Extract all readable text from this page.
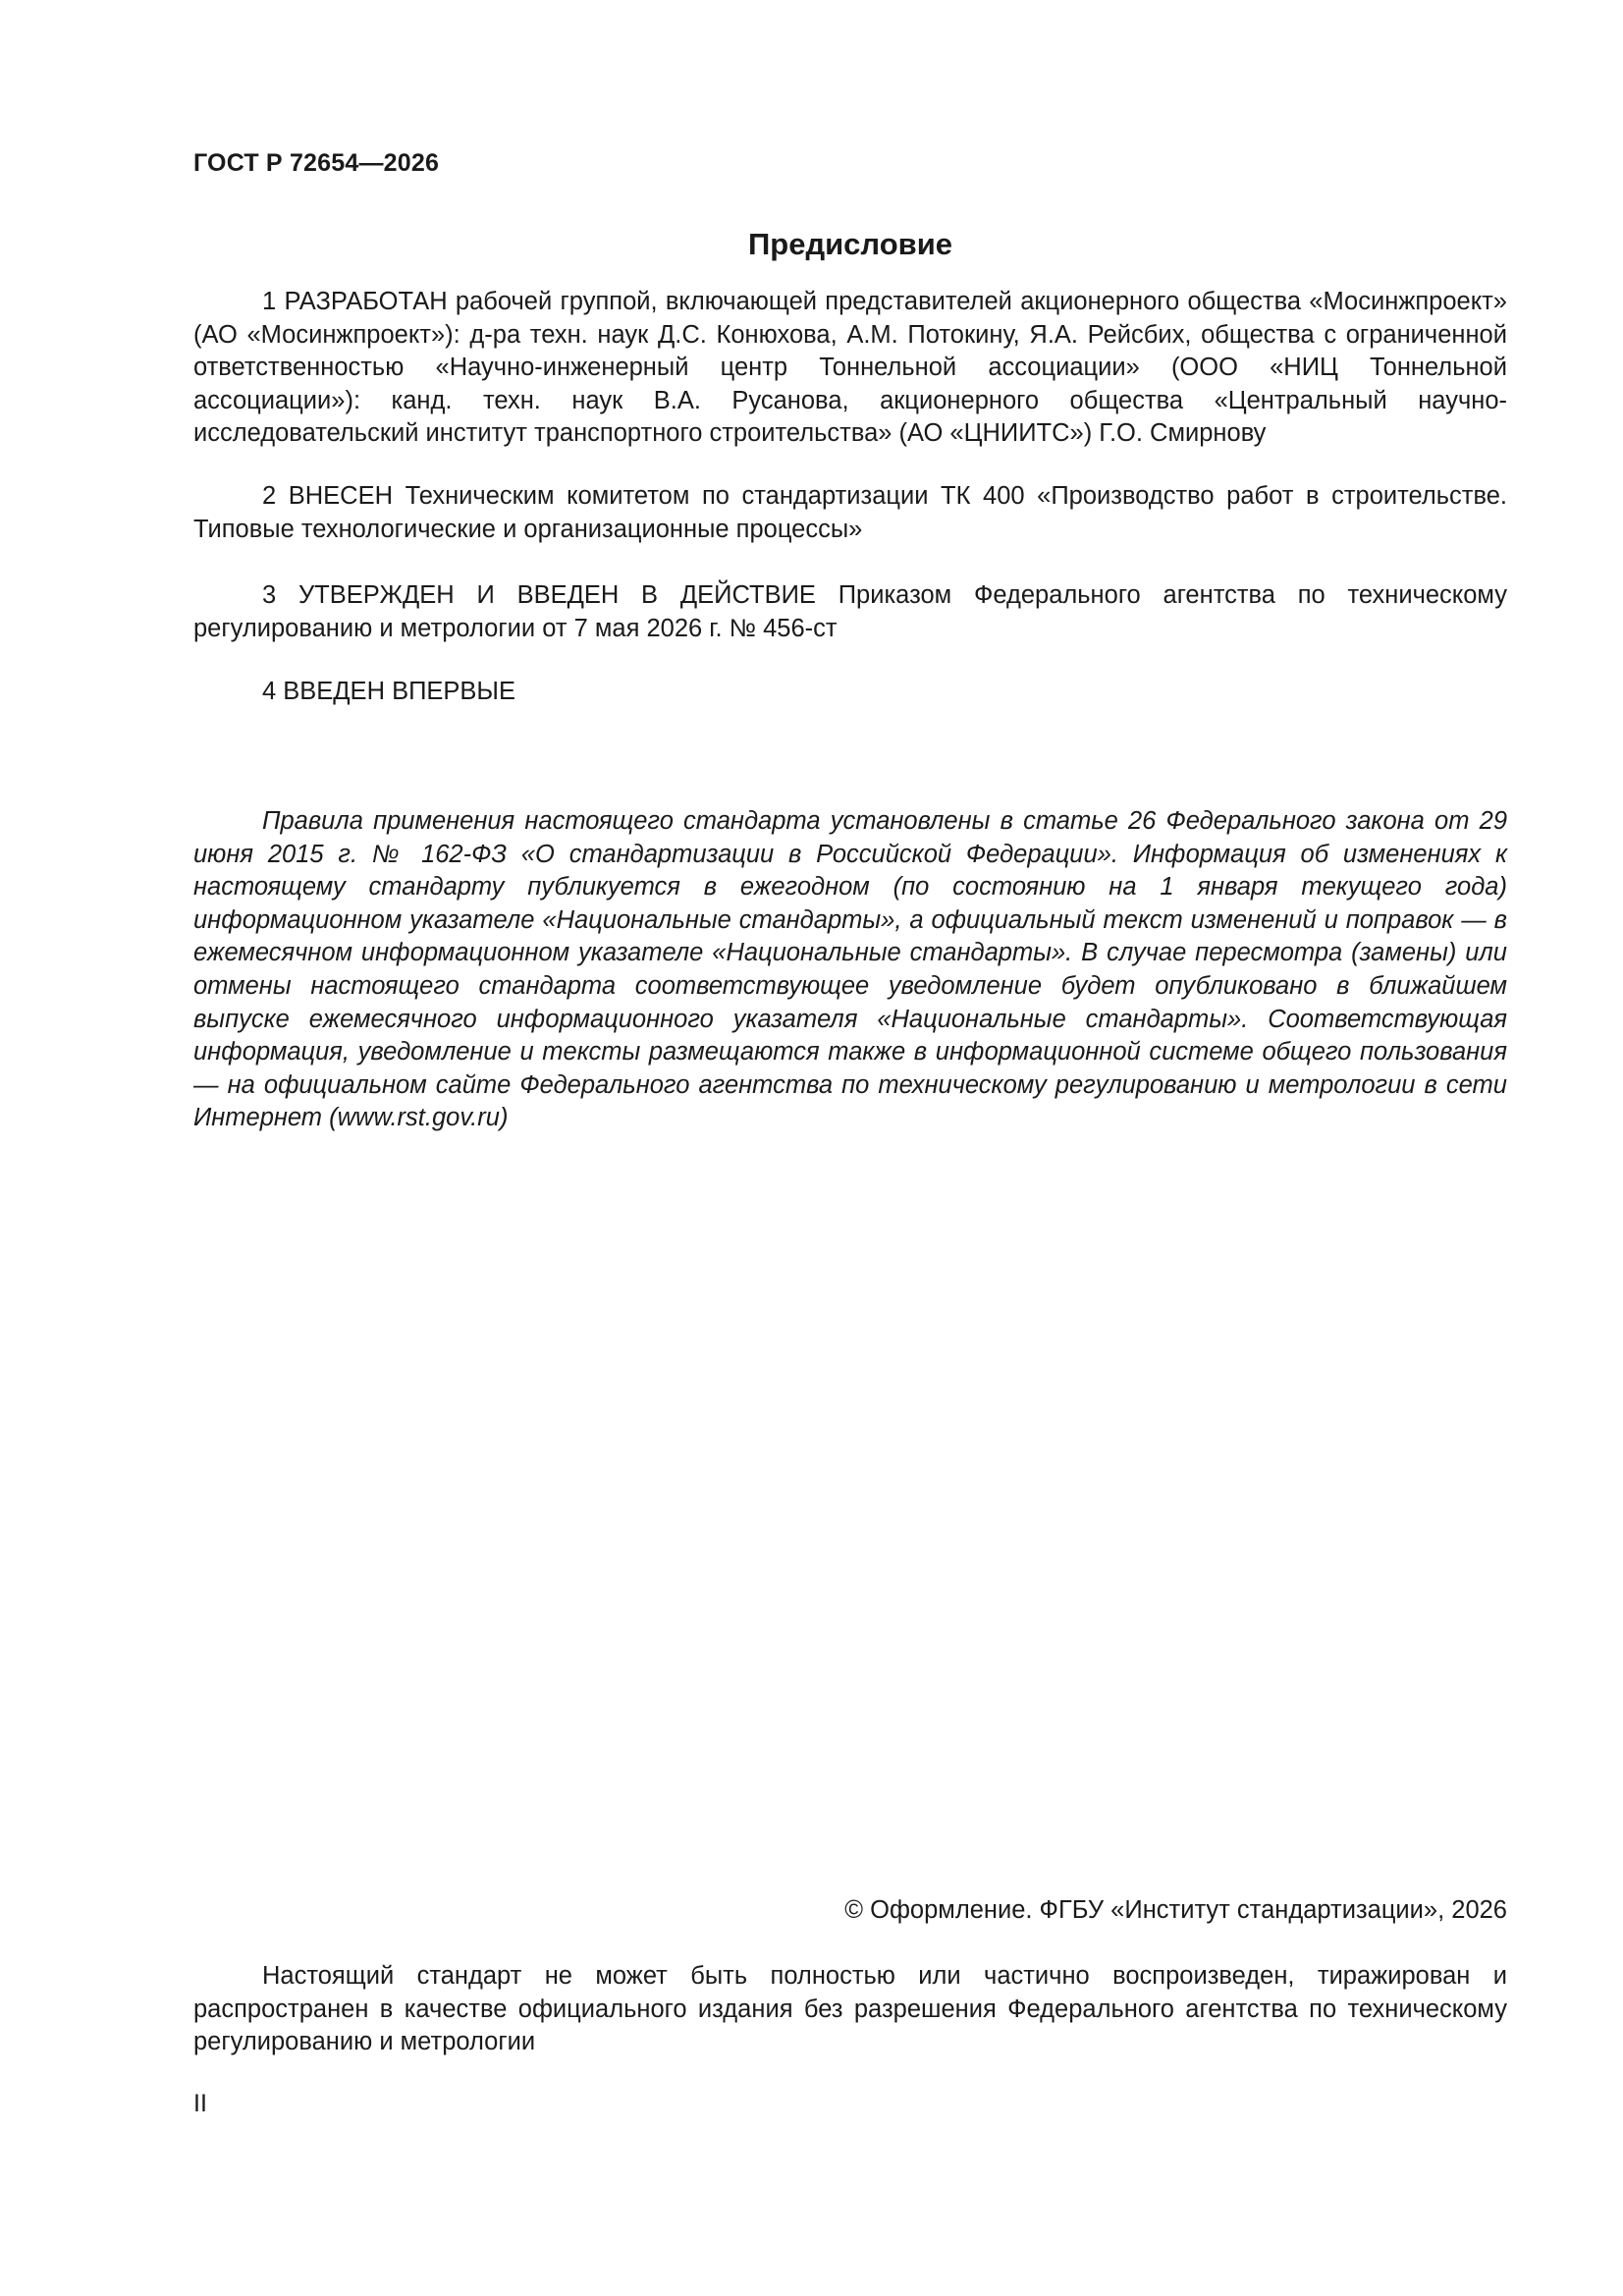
ГОСТ Р 72654—2026
Предисловие

1 РАЗРАБОТАН рабочей группой, включающей представителей акционерного общества «Мосинжпроект» (АО «Мосинжпроект»): д-ра техн. наук Д.С. Конюхова, А.М. Потокину, Я.А. Рейсбих, общества с ограниченной ответственностью «Научно-инженерный центр Тоннельной ассоциации» (ООО «НИЦ Тоннельной ассоциации»): канд. техн. наук В.А. Русанова, акционерного общества «Центральный научно-исследовательский институт транспортного строительства» (АО «ЦНИИТС») Г.О. Смирнову

2 ВНЕСЕН Техническим комитетом по стандартизации ТК 400 «Производство работ в строительстве. Типовые технологические и организационные процессы»

3 УТВЕРЖДЕН И ВВЕДЕН В ДЕЙСТВИЕ Приказом Федерального агентства по техническому регулированию и метрологии от 7 мая 2026 г. № 456-ст

4 ВВЕДЕН ВПЕРВЫЕ

Правила применения настоящего стандарта установлены в статье 26 Федерального закона от 29 июня 2015 г. № 162-ФЗ «О стандартизации в Российской Федерации». Информация об изменениях к настоящему стандарту публикуется в ежегодном (по состоянию на 1 января текущего года) информационном указателе «Национальные стандарты», а официальный текст изменений и поправок — в ежемесячном информационном указателе «Национальные стандарты». В случае пересмотра (замены) или отмены настоящего стандарта соответствующее уведомление будет опубликовано в ближайшем выпуске ежемесячного информационного указателя «Национальные стандарты». Соответствующая информация, уведомление и тексты размещаются также в информационной системе общего пользования — на официальном сайте Федерального агентства по техническому регулированию и метрологии в сети Интернет (www.rst.gov.ru)

© Оформление. ФГБУ «Институт стандартизации», 2026

Настоящий стандарт не может быть полностью или частично воспроизведен, тиражирован и распространен в качестве официального издания без разрешения Федерального агентства по техническому регулированию и метрологии

II
